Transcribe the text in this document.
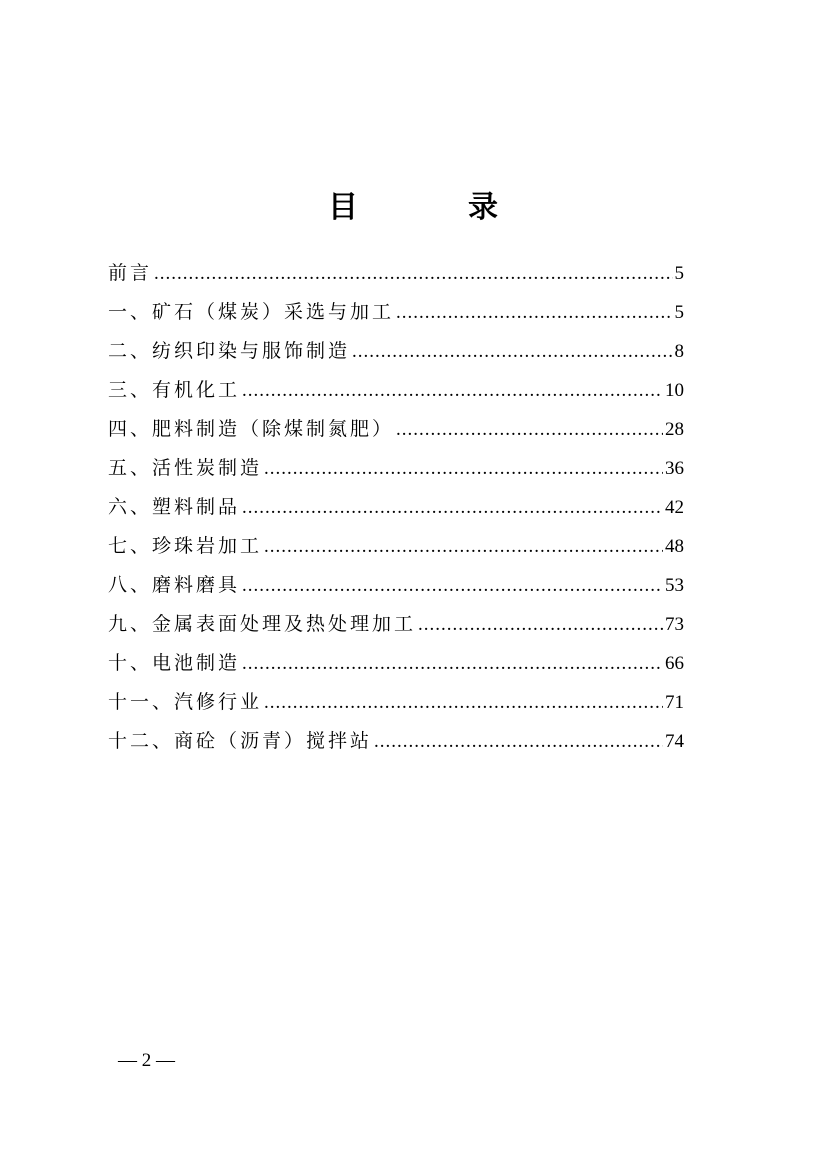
目　录
前言 .....	5
一、矿石（煤炭）采选与加工 .....	5
二、纺织印染与服饰制造 .....	8
三、有机化工 .....	10
四、肥料制造（除煤制氮肥） .....	28
五、活性炭制造 .....	36
六、塑料制品 .....	42
七、珍珠岩加工 .....	48
八、磨料磨具 .....	53
九、金属表面处理及热处理加工 .....	73
十、电池制造 .....	66
十一、汽修行业 .....	71
十二、商砼（沥青）搅拌站 .....	74
— 2 —
